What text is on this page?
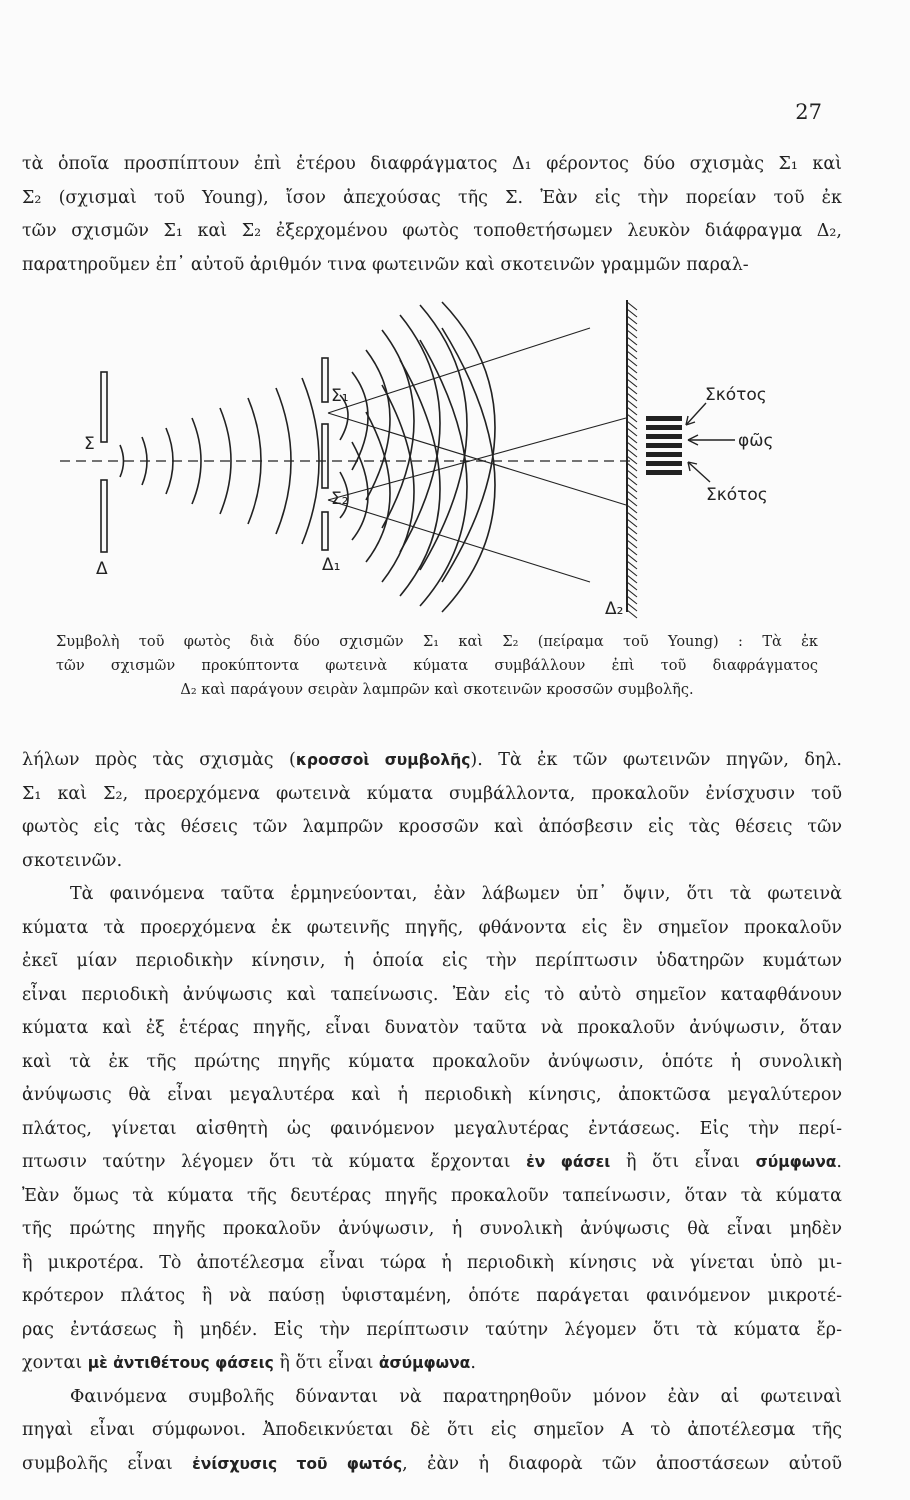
27

τὰ ὁποῖα προσπίπτουν ἐπὶ ἑτέρου διαφράγματος Δ₁ φέροντος δύο σχισμὰς Σ₁ καὶ
Σ₂ (σχισμαὶ τοῦ Young), ἴσον ἀπεχούσας τῆς Σ. Ἐὰν εἰς τὴν πορείαν τοῦ ἐκ
τῶν σχισμῶν Σ₁ καὶ Σ₂ ἐξερχομένου φωτὸς τοποθετήσωμεν λευκὸν διάφραγμα Δ₂,
παρατηροῦμεν ἐπ᾽ αὐτοῦ ἀριθμόν τινα φωτεινῶν καὶ σκοτεινῶν γραμμῶν παραλ-

Σ
Δ
Σ₁
Σ₂
Δ₁
Δ₂
Σκότος
φῶς
Σκότος

Συμβολὴ τοῦ φωτὸς διὰ δύο σχισμῶν Σ₁ καὶ Σ₂ (πείραμα τοῦ Young) : Τὰ ἐκ
τῶν σχισμῶν προκύπτοντα φωτεινὰ κύματα συμβάλλουν ἐπὶ τοῦ διαφράγματος
Δ₂ καὶ παράγουν σειρὰν λαμπρῶν καὶ σκοτεινῶν κροσσῶν συμβολῆς.

λήλων πρὸς τὰς σχισμὰς (κροσσοὶ συμβολῆς). Τὰ ἐκ τῶν φωτεινῶν πηγῶν, δηλ.
Σ₁ καὶ Σ₂, προερχόμενα φωτεινὰ κύματα συμβάλλοντα, προκαλοῦν ἐνίσχυσιν τοῦ
φωτὸς εἰς τὰς θέσεις τῶν λαμπρῶν κροσσῶν καὶ ἀπόσβεσιν εἰς τὰς θέσεις τῶν
σκοτεινῶν.
Τὰ φαινόμενα ταῦτα ἑρμηνεύονται, ἐὰν λάβωμεν ὑπ᾽ ὄψιν, ὅτι τὰ φωτεινὰ
κύματα τὰ προερχόμενα ἐκ φωτεινῆς πηγῆς, φθάνοντα εἰς ἓν σημεῖον προκαλοῦν
ἐκεῖ μίαν περιοδικὴν κίνησιν, ἡ ὁποία εἰς τὴν περίπτωσιν ὑδατηρῶν κυμάτων
εἶναι περιοδικὴ ἀνύψωσις καὶ ταπείνωσις. Ἐὰν εἰς τὸ αὐτὸ σημεῖον καταφθάνουν
κύματα καὶ ἐξ ἑτέρας πηγῆς, εἶναι δυνατὸν ταῦτα νὰ προκαλοῦν ἀνύψωσιν, ὅταν
καὶ τὰ ἐκ τῆς πρώτης πηγῆς κύματα προκαλοῦν ἀνύψωσιν, ὁπότε ἡ συνολικὴ
ἀνύψωσις θὰ εἶναι μεγαλυτέρα καὶ ἡ περιοδικὴ κίνησις, ἀποκτῶσα μεγαλύτερον
πλάτος, γίνεται αἰσθητὴ ὡς φαινόμενον μεγαλυτέρας ἐντάσεως. Εἰς τὴν περί-
πτωσιν ταύτην λέγομεν ὅτι τὰ κύματα ἔρχονται ἐν φάσει ἢ ὅτι εἶναι σύμφωνα.
Ἐὰν ὅμως τὰ κύματα τῆς δευτέρας πηγῆς προκαλοῦν ταπείνωσιν, ὅταν τὰ κύματα
τῆς πρώτης πηγῆς προκαλοῦν ἀνύψωσιν, ἡ συνολικὴ ἀνύψωσις θὰ εἶναι μηδὲν
ἢ μικροτέρα. Τὸ ἀποτέλεσμα εἶναι τώρα ἡ περιοδικὴ κίνησις νὰ γίνεται ὑπὸ μι-
κρότερον πλάτος ἢ νὰ παύσῃ ὑφισταμένη, ὁπότε παράγεται φαινόμενον μικροτέ-
ρας ἐντάσεως ἢ μηδέν. Εἰς τὴν περίπτωσιν ταύτην λέγομεν ὅτι τὰ κύματα ἔρ-
χονται μὲ ἀντιθέτους φάσεις ἢ ὅτι εἶναι ἀσύμφωνα.
Φαινόμενα συμβολῆς δύνανται νὰ παρατηρηθοῦν μόνον ἐὰν αἱ φωτειναὶ
πηγαὶ εἶναι σύμφωνοι. Ἀποδεικνύεται δὲ ὅτι εἰς σημεῖον Α τὸ ἀποτέλεσμα τῆς
συμβολῆς εἶναι ἐνίσχυσις τοῦ φωτός, ἐὰν ἡ διαφορὰ τῶν ἀποστάσεων αὐτοῦ
